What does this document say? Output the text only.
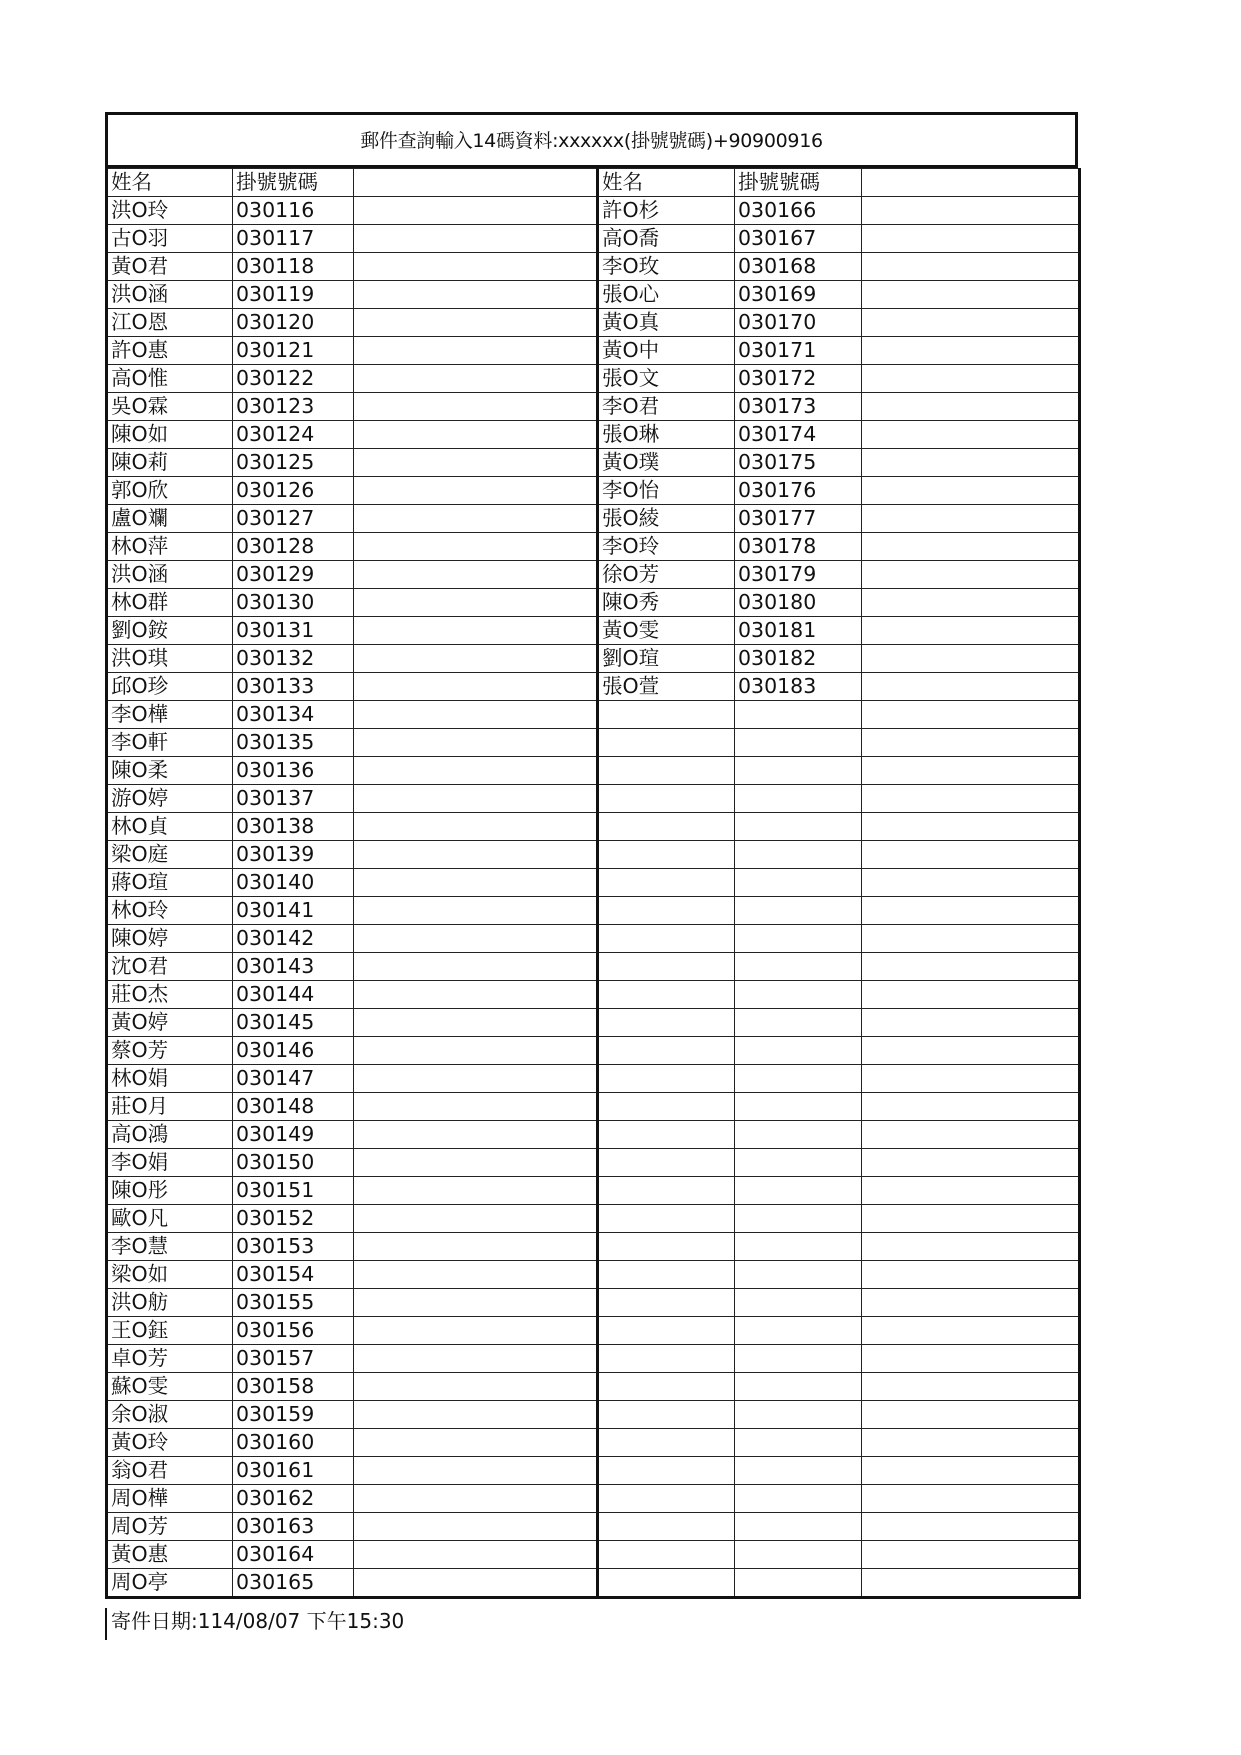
郵件查詢輸入14碼資料:xxxxxx(掛號號碼)+90900916
姓名	掛號號碼		姓名	掛號號碼	
洪O玲	030116		許O杉	030166	
古O羽	030117		高O喬	030167	
黃O君	030118		李O玫	030168	
洪O涵	030119		張O心	030169	
江O恩	030120		黃O真	030170	
許O惠	030121		黃O中	030171	
高O惟	030122		張O文	030172	
吳O霖	030123		李O君	030173	
陳O如	030124		張O琳	030174	
陳O莉	030125		黃O璞	030175	
郭O欣	030126		李O怡	030176	
盧O斕	030127		張O綾	030177	
林O萍	030128		李O玲	030178	
洪O涵	030129		徐O芳	030179	
林O群	030130		陳O秀	030180	
劉O銨	030131		黃O雯	030181	
洪O琪	030132		劉O瑄	030182	
邱O珍	030133		張O萱	030183	
李O樺	030134				
李O軒	030135				
陳O柔	030136				
游O婷	030137				
林O貞	030138				
梁O庭	030139				
蔣O瑄	030140				
林O玲	030141				
陳O婷	030142				
沈O君	030143				
莊O杰	030144				
黃O婷	030145				
蔡O芳	030146				
林O娟	030147				
莊O月	030148				
高O鴻	030149				
李O娟	030150				
陳O彤	030151				
歐O凡	030152				
李O慧	030153				
梁O如	030154				
洪O舫	030155				
王O鈺	030156				
卓O芳	030157				
蘇O雯	030158				
余O淑	030159				
黃O玲	030160				
翁O君	030161				
周O樺	030162				
周O芳	030163				
黃O惠	030164				
周O亭	030165				
寄件日期:114/08/07 下午15:30
